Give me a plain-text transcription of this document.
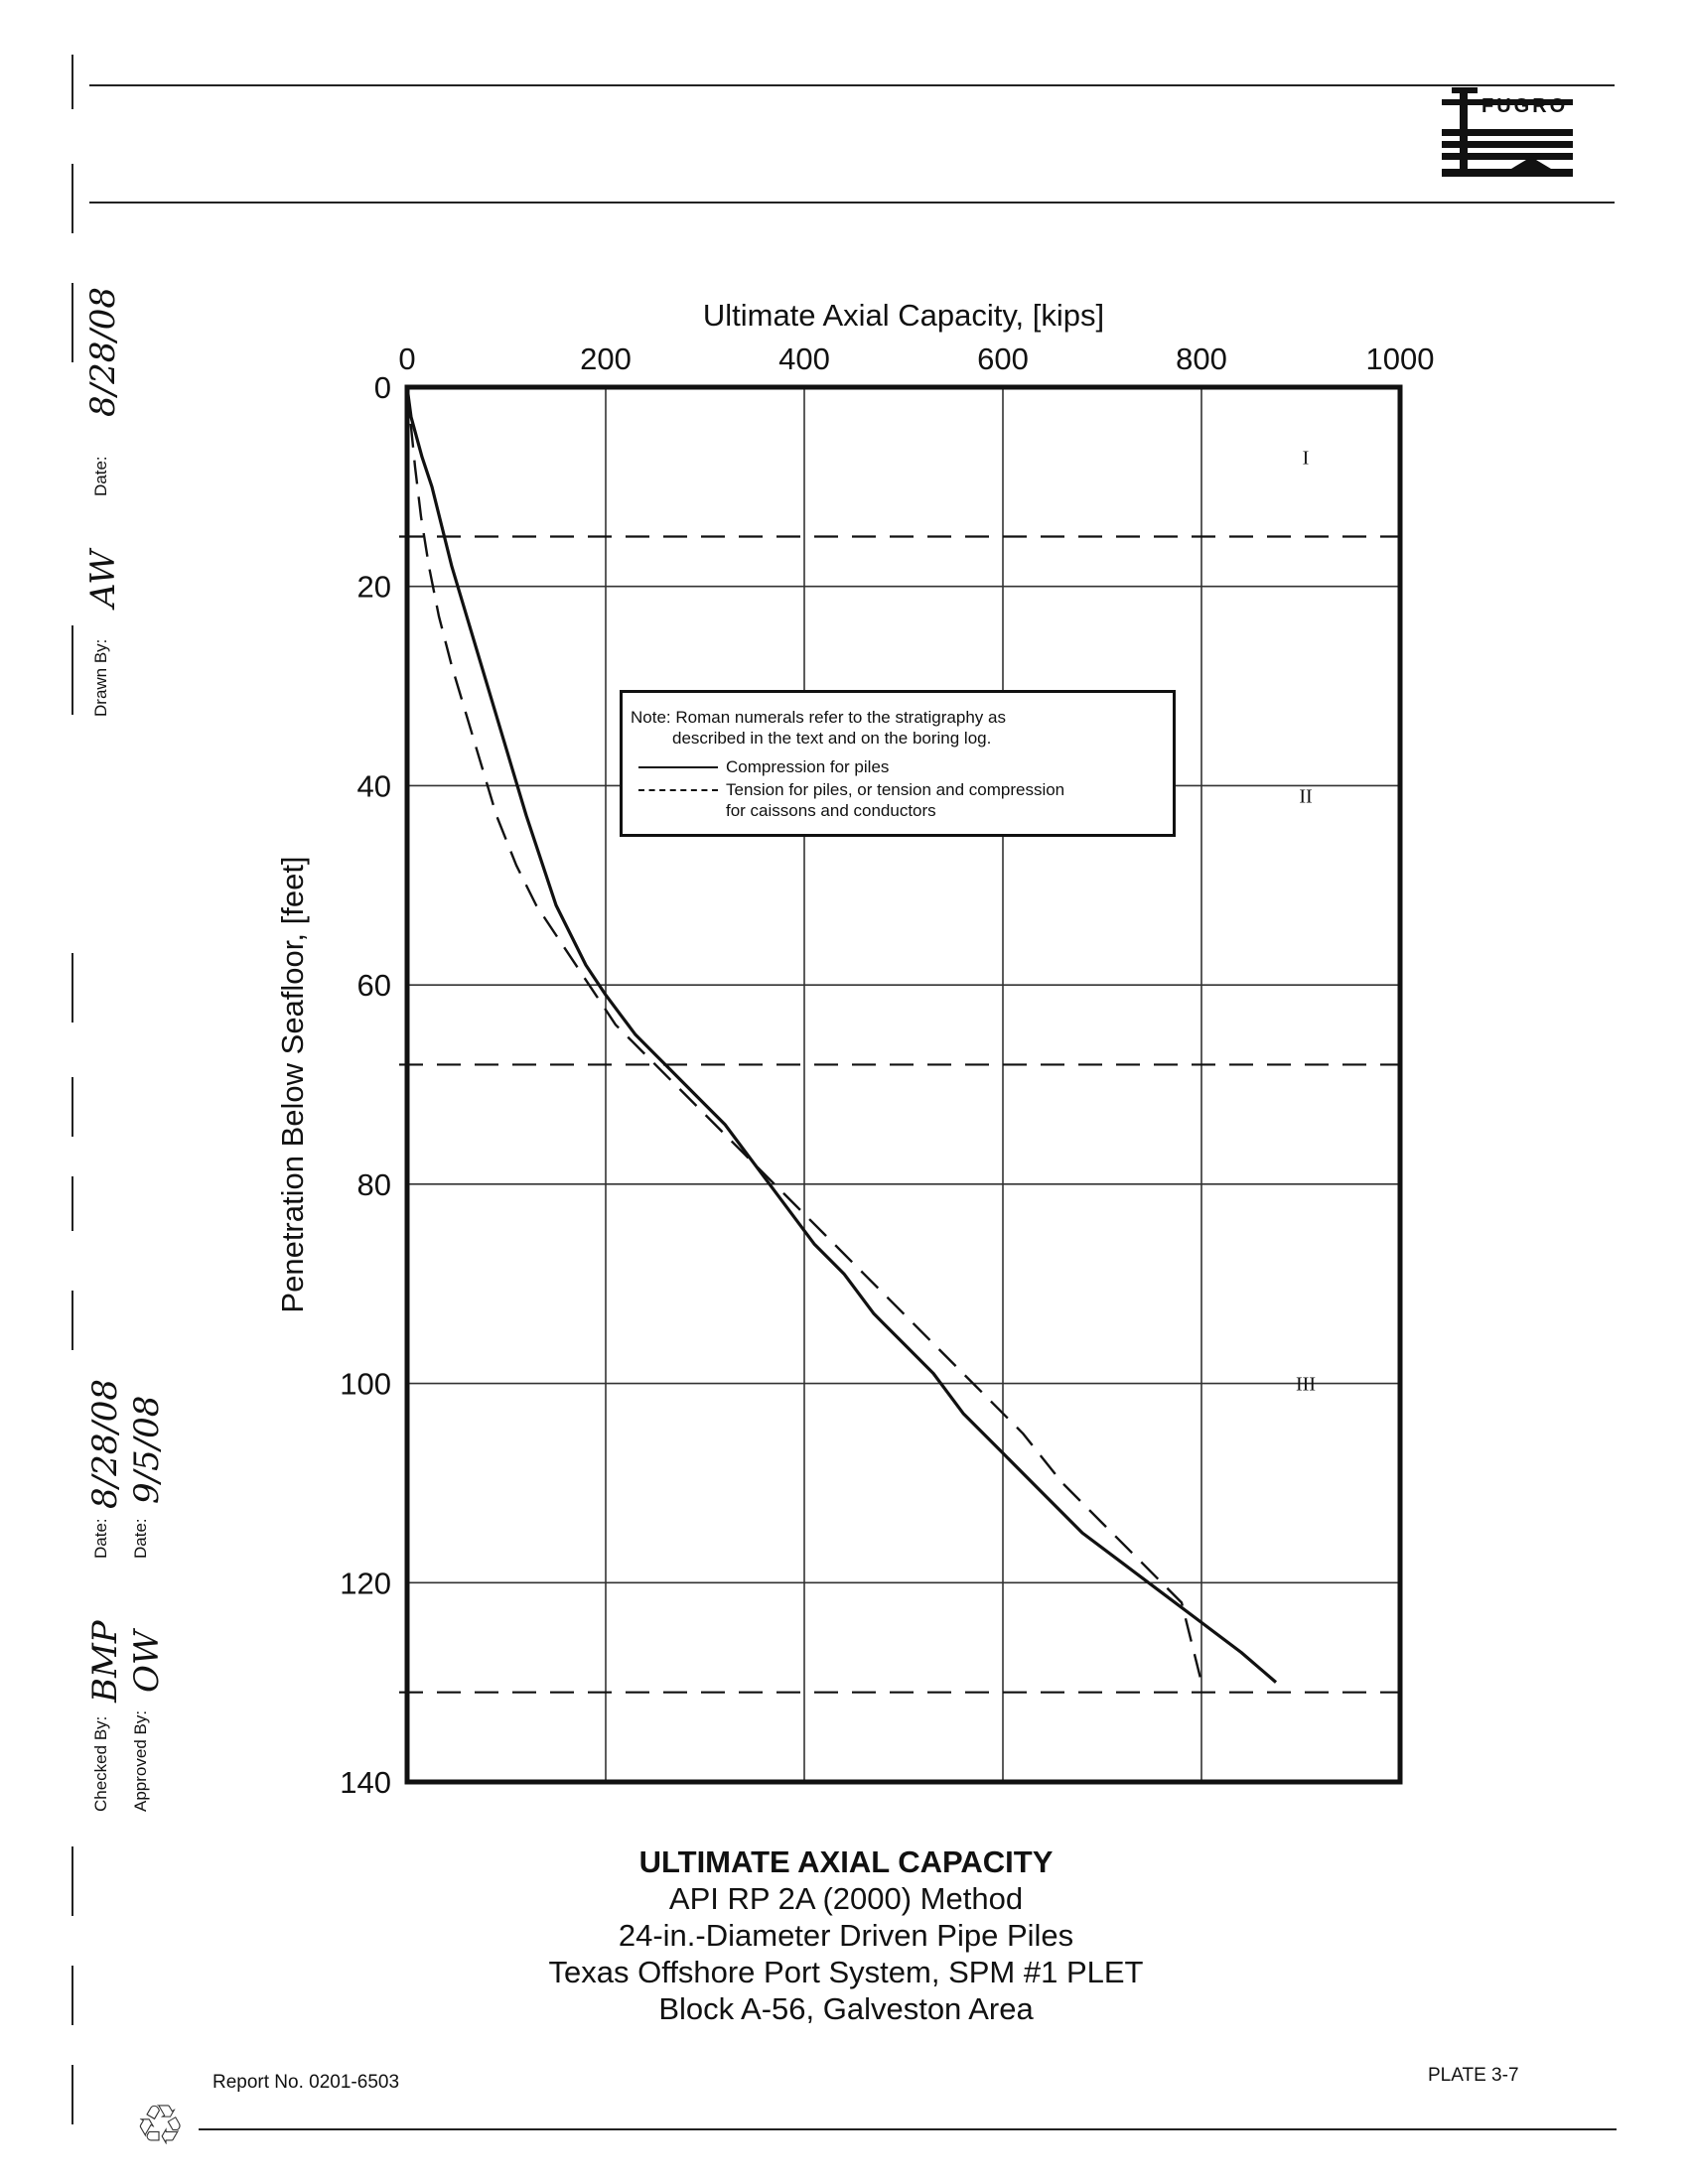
FUGRO
Drawn By:
AW
Date:
8/28/08
Checked By:
BMP
Date:
8/28/08
Approved By:
OW
Date:
9/5/08
0	200	400	600	800	1000
0
20
40
60
80
100
120
140
Ultimate Axial Capacity, [kips]
Penetration Below Seafloor, [feet]
I
II
III
Note: Roman numerals refer to the stratigraphy as
described in the text and on the boring log.
Compression for piles
Tension for piles, or tension and compression
for caissons and conductors
ULTIMATE AXIAL CAPACITY
API RP 2A (2000) Method
24-in.-Diameter Driven Pipe Piles
Texas Offshore Port System, SPM #1 PLET
Block A-56, Galveston Area
Report No. 0201-6503	PLATE 3-7
♲
